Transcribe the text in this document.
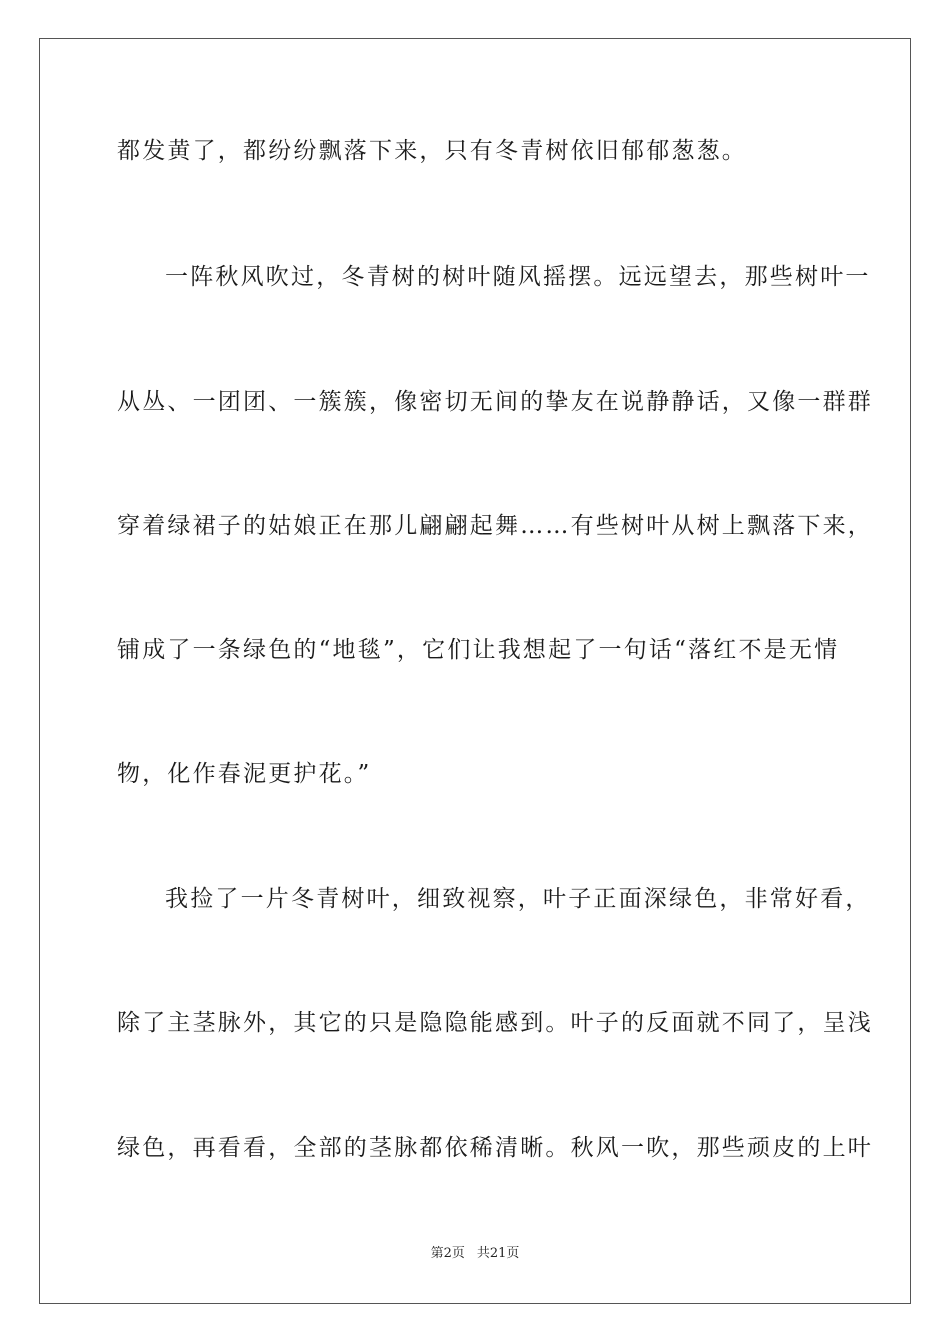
都发黄了，都纷纷飘落下来，只有冬青树依旧郁郁葱葱。
一阵秋风吹过，冬青树的树叶随风摇摆。远远望去，那些树叶一
从丛、一团团、一簇簇，像密切无间的挚友在说静静话，又像一群群
穿着绿裙子的姑娘正在那儿翩翩起舞……有些树叶从树上飘落下来，
铺成了一条绿色的“地毯”，它们让我想起了一句话“落红不是无情
物，化作春泥更护花。”
我捡了一片冬青树叶，细致视察，叶子正面深绿色，非常好看，
除了主茎脉外，其它的只是隐隐能感到。叶子的反面就不同了，呈浅
绿色，再看看，全部的茎脉都依稀清晰。秋风一吹，那些顽皮的上叶
第2页 共21页
